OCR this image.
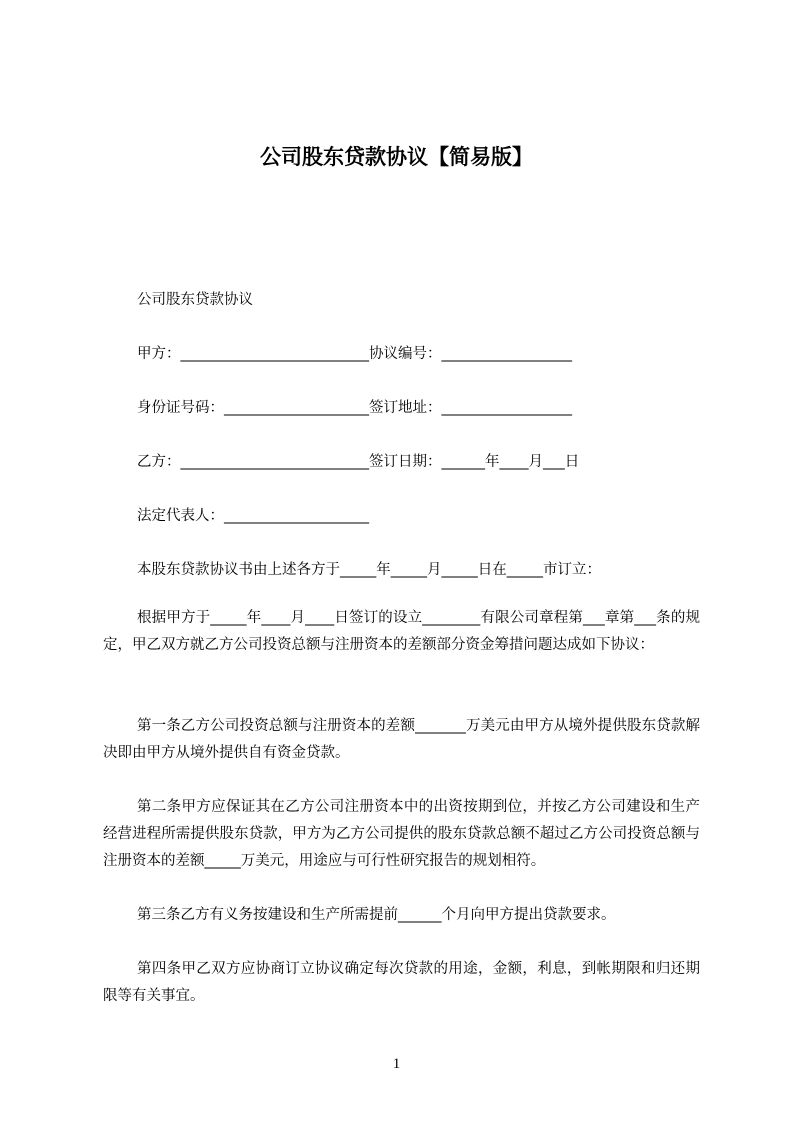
公司股东贷款协议【简易版】

公司股东贷款协议

甲方：__________________________协议编号：__________________

身份证号码：____________________签订地址：__________________

乙方：__________________________签订日期：______年____月___日

法定代表人：____________________

本股东贷款协议书由上述各方于_____年_____月_____日在_____市订立：

根据甲方于_____年____月____日签订的设立________有限公司章程第___章第___条的规定，甲乙双方就乙方公司投资总额与注册资本的差额部分资金筹措问题达成如下协议：

第一条乙方公司投资总额与注册资本的差额_______万美元由甲方从境外提供股东贷款解决即由甲方从境外提供自有资金贷款。

第二条甲方应保证其在乙方公司注册资本中的出资按期到位，并按乙方公司建设和生产经营进程所需提供股东贷款，甲方为乙方公司提供的股东贷款总额不超过乙方公司投资总额与注册资本的差额_____万美元，用途应与可行性研究报告的规划相符。

第三条乙方有义务按建设和生产所需提前______个月向甲方提出贷款要求。

第四条甲乙双方应协商订立协议确定每次贷款的用途，金额，利息，到帐期限和归还期限等有关事宜。

1
